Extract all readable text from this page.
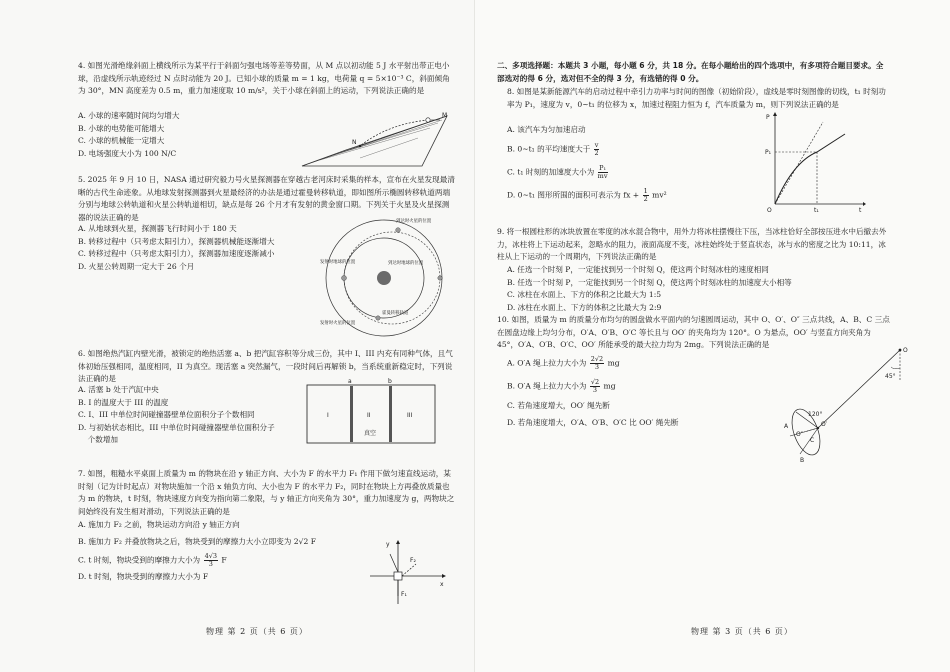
4. 如图光滑绝缘斜面上横线所示为某平行于斜面匀强电场等差等势面，从 M 点以初动能 5 J 水平射出带正电小球，沿虚线所示轨迹经过 N 点时动能为 20 J。已知小球的质量 m = 1 kg，电荷量 q = 5×10⁻³ C，斜面倾角为 30°，MN 高度差为 0.5 m，重力加速度取 10 m/s²，关于小球在斜面上的运动，下列说法正确的是
A. 小球的速率随时间均匀增大
B. 小球的电势能可能增大
C. 小球的机械能一定增大
D. 电场强度大小为 100 N/C
M
N
5. 2025 年 9 月 10 日，NASA 通过研究毅力号火星探测器在穿越古老河床时采集的样本，宣布在火星发现最清晰的古代生命迹象。从地球发射探测器到火星最经济的办法是通过霍曼转移轨道，即如图所示椭圆转移轨道两端分别与地球公转轨道和火星公转轨道相切，缺点是每 26 个月才有发射的黄金窗口期。下列关于火星及火星探测器的说法正确的是
A. 从地球到火星，探测器飞行时间小于 180 天
B. 转移过程中（只考虑太阳引力），探测器机械能逐渐增大
C. 转移过程中（只考虑太阳引力），探测器加速度逐渐减小
D. 火星公转周期一定大于 26 个月
到达时火星的位置
发射时地球的位置	到达时地球的位置
霍曼转移轨道
发射时火星的位置
6. 如图绝热汽缸内壁光滑，被锁定的绝热活塞 a、b 把汽缸容积等分成三份，其中 I、III 内充有同种气体，且气体初始压强相同，温度相同，II 为真空。现活塞 a 突然漏气，一段时间后再解锁 b，当系统重新稳定时，下列说法正确的是
A. 活塞 b 处于汽缸中央
B. I 的温度大于 III 的温度
C. I、III 中单位时间碰撞器壁单位面积分子个数相同
D. 与初始状态相比，III 中单位时间碰撞器壁单位面积分子
个数增加
a	b
I	II	III
真空
7. 如图，粗糙水平桌面上质量为 m 的物块在沿 y 轴正方向、大小为 F 的水平力 F₁ 作用下做匀速直线运动，某时刻（记为计时起点）对物块施加一个沿 x 轴负方向、大小也为 F 的水平力 F₂，同时在物块上方再叠放质量也为 m 的物块，t 时刻，物块速度方向变为指向第二象限，与 y 轴正方向夹角为 30°，重力加速度为 g，两物块之间始终没有发生相对滑动，下列说法正确的是
A. 施加力 F₂ 之前，物块运动方向沿 y 轴正方向
B. 施加力 F₂ 并叠放物块之后，物块受到的摩擦力大小立即变为 2√2 F
C. t 时刻，物块受到的摩擦力大小为 $\frac{4√3}{3}$ F
D. t 时刻，物块受到的摩擦力大小为 F
y
x
F₂
F₁
物理 第 2 页（共 6 页）
二、多项选择题：本题共 3 小题，每小题 6 分，共 18 分。在每小题给出的四个选项中，有多项符合题目要求。全部选对的得 6 分，选对但不全的得 3 分，有选错的得 0 分。
8. 如图是某新能源汽车的启动过程中牵引力功率与时间的图像（初始阶段），虚线是零时刻图像的切线，t₁ 时刻功率为 P₁，速度为 v，0~t₁ 的位移为 x，加速过程阻力恒为 f，汽车质量为 m，则下列说法正确的是
A. 该汽车为匀加速启动
B. 0~t₁ 的平均速度大于 $\frac{v}{2}$
C. t₁ 时刻的加速度大小为 $\frac{\text{P₁}}{mv}$
D. 0~t₁ 图形所围的面积可表示为 fx + $\frac{1}{2} mv^2$
P
P₁
O	t₁	t
9. 将一根圆柱形的冰块放置在零度的冰水混合物中，用外力将冰柱摆慢往下压，当冰柱恰好全部按压进水中后撤去外力，冰柱将上下运动起来，忽略水的阻力，液面高度不变，冰柱始终处于竖直状态，冰与水的密度之比为 10:11，冰柱从上下运动的一个周期内，下列说法正确的是
A. 任选一个时刻 P，一定能找到另一个时刻 Q，使这两个时刻冰柱的速度相同
B. 任选一个时刻 P，一定能找到另一个时刻 Q，使这两个时刻冰柱的加速度大小相等
C. 冰柱在水面上、下方的体积之比最大为 1:5
D. 冰柱在水面上、下方的体积之比最大为 2:9
10. 如图，质量为 m 的质量分布均匀的圆盘做水平面内的匀速圆周运动，其中 O、O′、O″ 三点共线，A、B、C 三点在圆盘边缘上均匀分布，O′A、O′B、O′C 等长且与 OO′ 的夹角均为 120°。O 为悬点，OO′ 与竖直方向夹角为 45°，O′A、O′B、O′C、OO′ 所能承受的最大拉力均为 2mg。下列说法正确的是
A. O′A 绳上拉力大小为 $\frac{2√2}{3}$ mg
B. O′A 绳上拉力大小为 $\frac{√2}{3}$ mg
C. 若角速度增大，OO′ 绳先断
D. 若角速度增大，O′A、O′B、O′C 比 OO′ 绳先断
O
45°
120°
A	O′
O″
C
B
物理 第 3 页（共 6 页）
